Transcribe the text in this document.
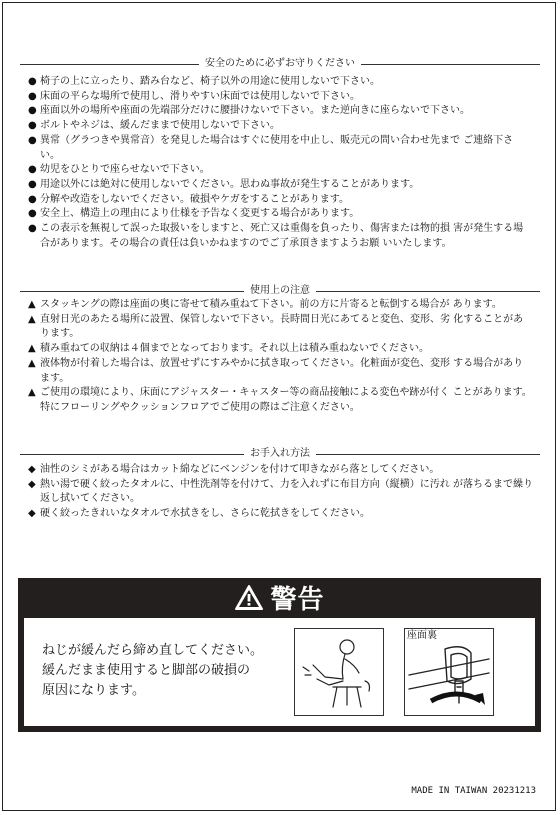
安全のために必ずお守りください
● 椅子の上に立ったり、踏み台など、椅子以外の用途に使用しないで下さい。
● 床面の平らな場所で使用し、滑りやすい床面では使用しないで下さい。
● 座面以外の場所や座面の先端部分だけに腰掛けないで下さい。また逆向きに座らないで下さい。
● ボルトやネジは、緩んだままで使用しないで下さい。
● 異常（グラつきや異常音）を発見した場合はすぐに使用を中止し、販売元の問い合わせ先まで ご連絡下さい。
● 幼児をひとりで座らせないで下さい。
● 用途以外には絶対に使用しないでください。思わぬ事故が発生することがあります。
● 分解や改造をしないでください。破損やケガをすることがあります。
● 安全上、構造上の理由により仕様を予告なく変更する場合があります。
● この表示を無視して誤った取扱いをしますと、死亡又は重傷を負ったり、傷害または物的損 害が発生する場合があります。その場合の責任は負いかねますのでご了承頂きますようお願 いいたします。
使用上の注意
▲ スタッキングの際は座面の奥に寄せて積み重ねて下さい。前の方に片寄ると転倒する場合が あります。
▲ 直射日光のあたる場所に設置、保管しないで下さい。長時間日光にあてると変色、変形、劣 化することがあります。
▲ 積み重ねての収納は４個までとなっております。それ以上は積み重ねないでください。
▲ 液体物が付着した場合は、放置せずにすみやかに拭き取ってください。化粧面が変色、変形 する場合があります。
▲ ご使用の環境により、床面にアジャスター・キャスター等の商品接触による変色や跡が付く ことがあります。
特にフローリングやクッションフロアでご使用の際はご注意ください。
お手入れ方法
◆ 油性のシミがある場合はカット綿などにベンジンを付けて叩きながら落としてください。
◆ 熱い湯で硬く絞ったタオルに、中性洗剤等を付けて、力を入れずに布目方向（縦横）に汚れ が落ちるまで繰り返し拭いてください。
◆ 硬く絞ったきれいなタオルで水拭きをし、さらに乾拭きをしてください。
警告
ねじが緩んだら締め直してください。
緩んだまま使用すると脚部の破損の
原因になります。
座面裏
MADE IN TAIWAN 20231213
